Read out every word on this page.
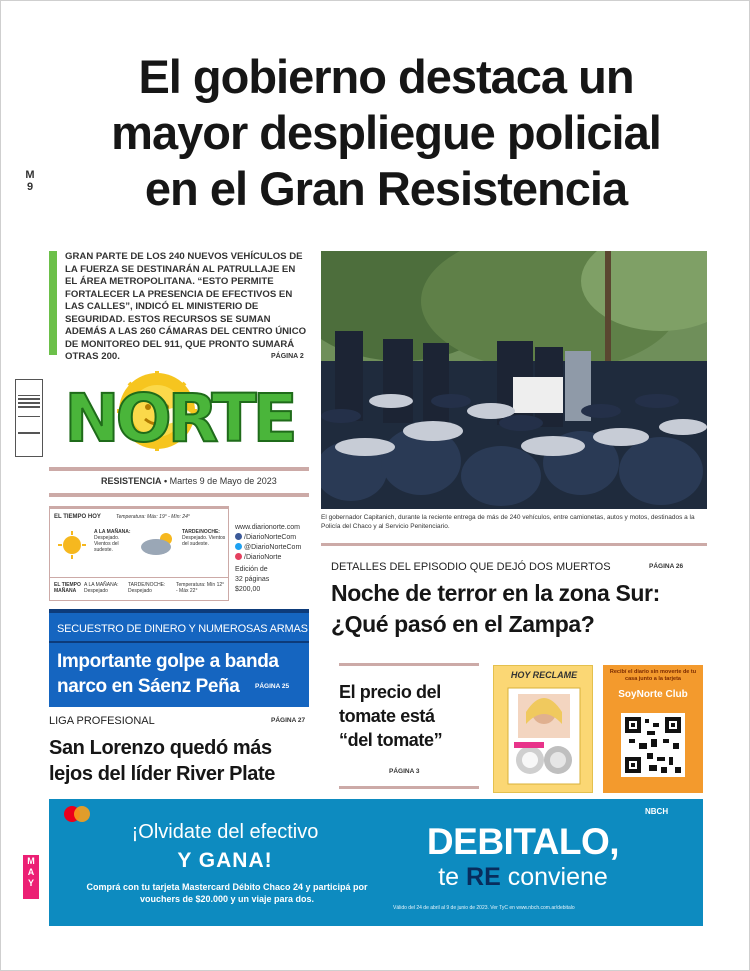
El gobierno destaca un
mayor despliegue policial
en el Gran Resistencia
M 9
GRAN PARTE DE LOS 240 NUEVOS VEHÍCULOS DE LA FUERZA SE DESTINARÁN AL PATRULLAJE EN EL ÁREA METROPOLITANA. “ESTO PERMITE FORTALECER LA PRESENCIA DE EFECTIVOS EN LAS CALLES”, INDICÓ EL MINISTERIO DE SEGURIDAD. ESTOS RECURSOS SE SUMAN ADEMÁS A LAS 260 CÁMARAS DEL CENTRO ÚNICO DE MONITOREO DEL 911, QUE PRONTO SUMARÁ OTRAS 200.	PÁGINA 2
NORTE
RESISTENCIA • Martes 9 de Mayo de 2023
El gobernador Capitanich, durante la reciente entrega de más de 240 vehículos, entre camionetas, autos y motos, destinados a la Policía del Chaco y al Servicio Penitenciario.
EL TIEMPO HOY	Temperatura: Máx: 19° - Mín: 24°
A LA MAÑANA:
Despejado. Vientos del sudeste.
TARDE/NOCHE:
Despejado. Vientos del sudeste.
EL TIEMPO MAÑANA
A LA MAÑANA: Despejado
TARDE/NOCHE: Despejado
Temperatura: Mín 12° - Máx 22°
www.diarionorte.com
/DiarioNorteCom
@DiarioNorteCom
/DiarioNorte
Edición de 32 páginas $200,00
SECUESTRO DE DINERO Y NUMEROSAS ARMAS
Importante golpe a banda narco en Sáenz Peña	PÁGINA 25
LIGA PROFESIONAL	PÁGINA 27
San Lorenzo quedó más lejos del líder River Plate
DETALLES DEL EPISODIO QUE DEJÓ DOS MUERTOS	PÁGINA 26
Noche de terror en la zona Sur: ¿Qué pasó en el Zampa?
El precio del tomate está “del tomate”
PÁGINA 3
HOY RECLAME	Recibí el diario sin moverte de tu casa junto a la tarjeta
SoyNorte Club
NBCH
¡Olvidate del efectivo
Y GANA!
Comprá con tu tarjeta Mastercard Débito Chaco 24 y participá por vouchers de $20.000 y un viaje para dos.
DEBITALO,
te RE conviene
Válido del 24 de abril al 9 de junio de 2023. Ver TyC en www.nbch.com.ar/debitalo
MAY
